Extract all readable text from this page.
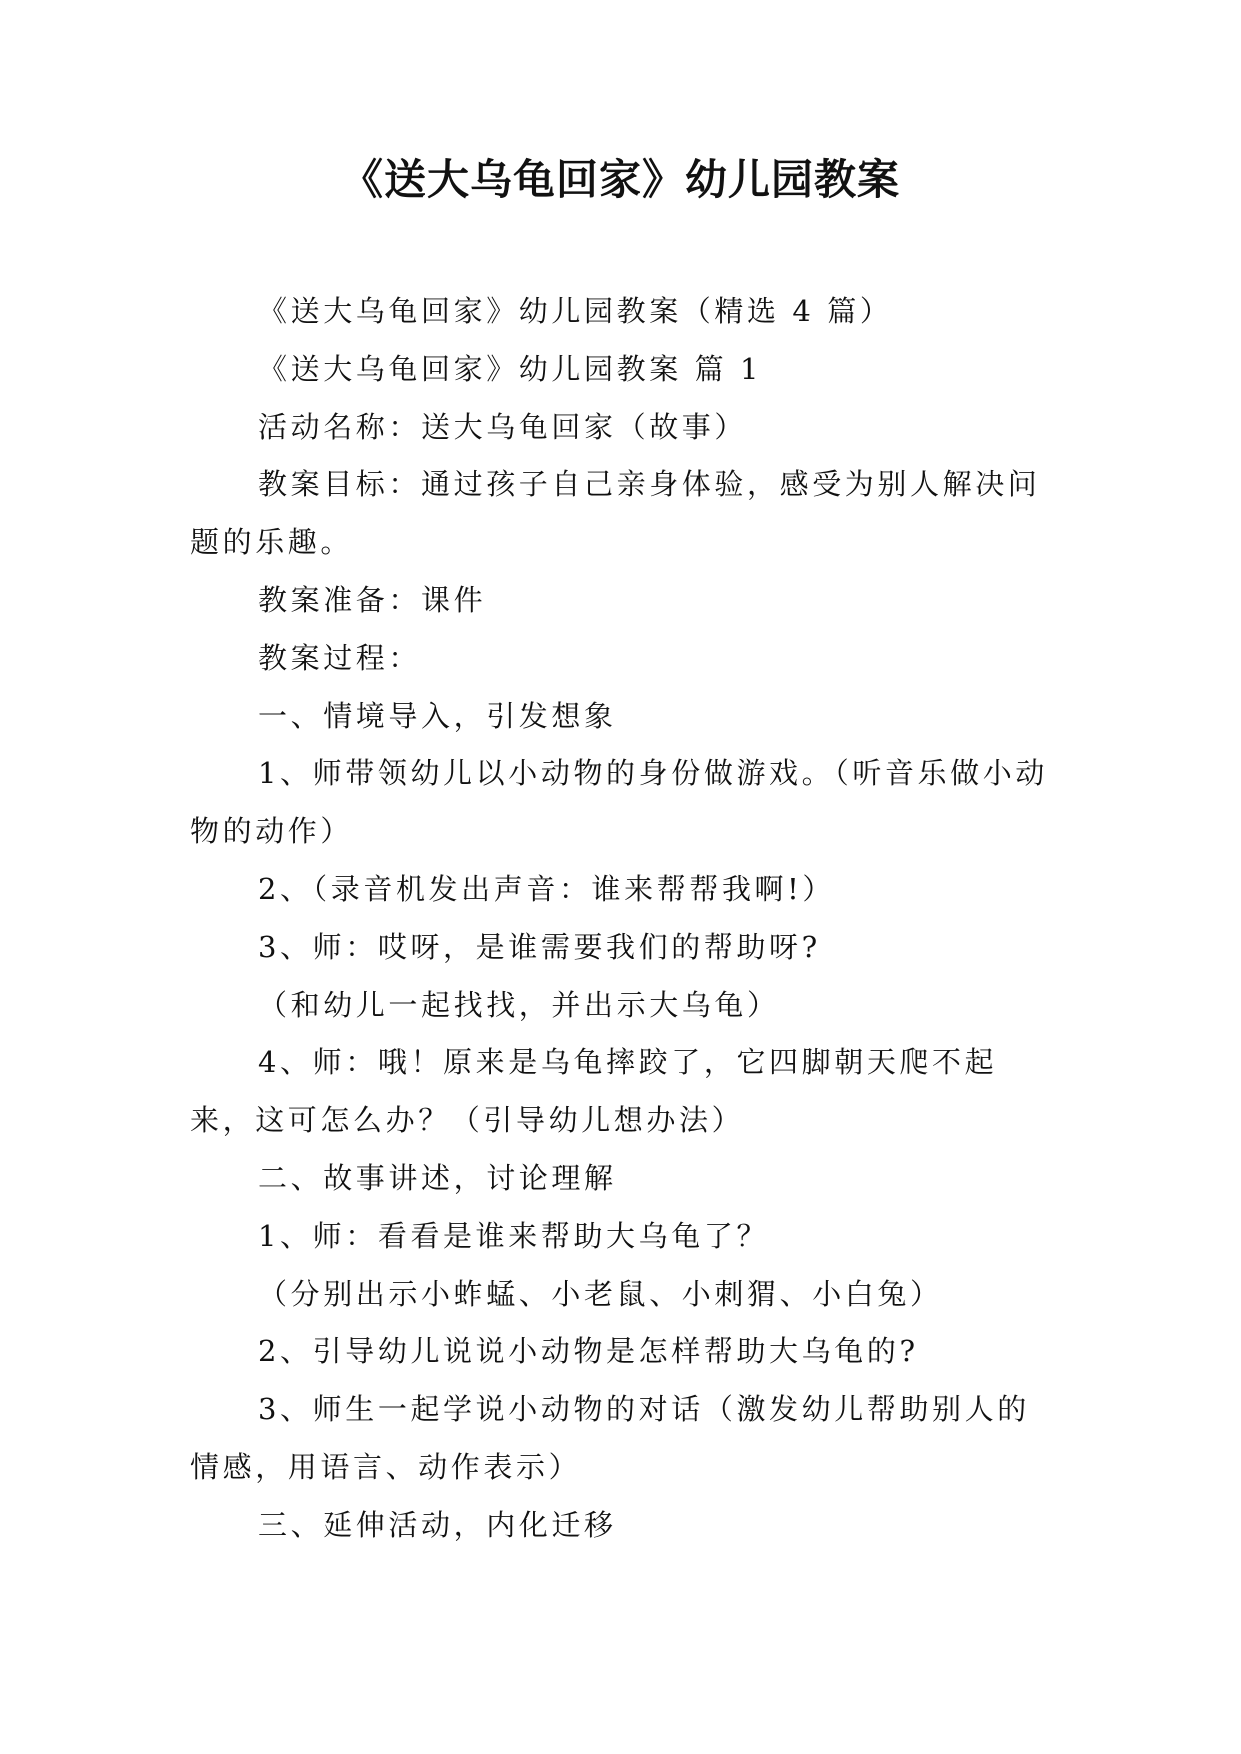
《送大乌龟回家》幼儿园教案

《送大乌龟回家》幼儿园教案（精选 4 篇）

《送大乌龟回家》幼儿园教案 篇 1

活动名称：送大乌龟回家（故事）

教案目标：通过孩子自己亲身体验，感受为别人解决问题的乐趣。

教案准备：课件

教案过程：

一、情境导入，引发想象

1、师带领幼儿以小动物的身份做游戏。（听音乐做小动物的动作）

2、（录音机发出声音：谁来帮帮我啊!）

3、师：哎呀，是谁需要我们的帮助呀?

（和幼儿一起找找，并出示大乌龟）

4、师：哦！原来是乌龟摔跤了，它四脚朝天爬不起来，这可怎么办？（引导幼儿想办法）

二、故事讲述，讨论理解

1、师：看看是谁来帮助大乌龟了？

（分别出示小蚱蜢、小老鼠、小刺猬、小白兔）

2、引导幼儿说说小动物是怎样帮助大乌龟的?

3、师生一起学说小动物的对话（激发幼儿帮助别人的情感，用语言、动作表示）

三、延伸活动，内化迁移
